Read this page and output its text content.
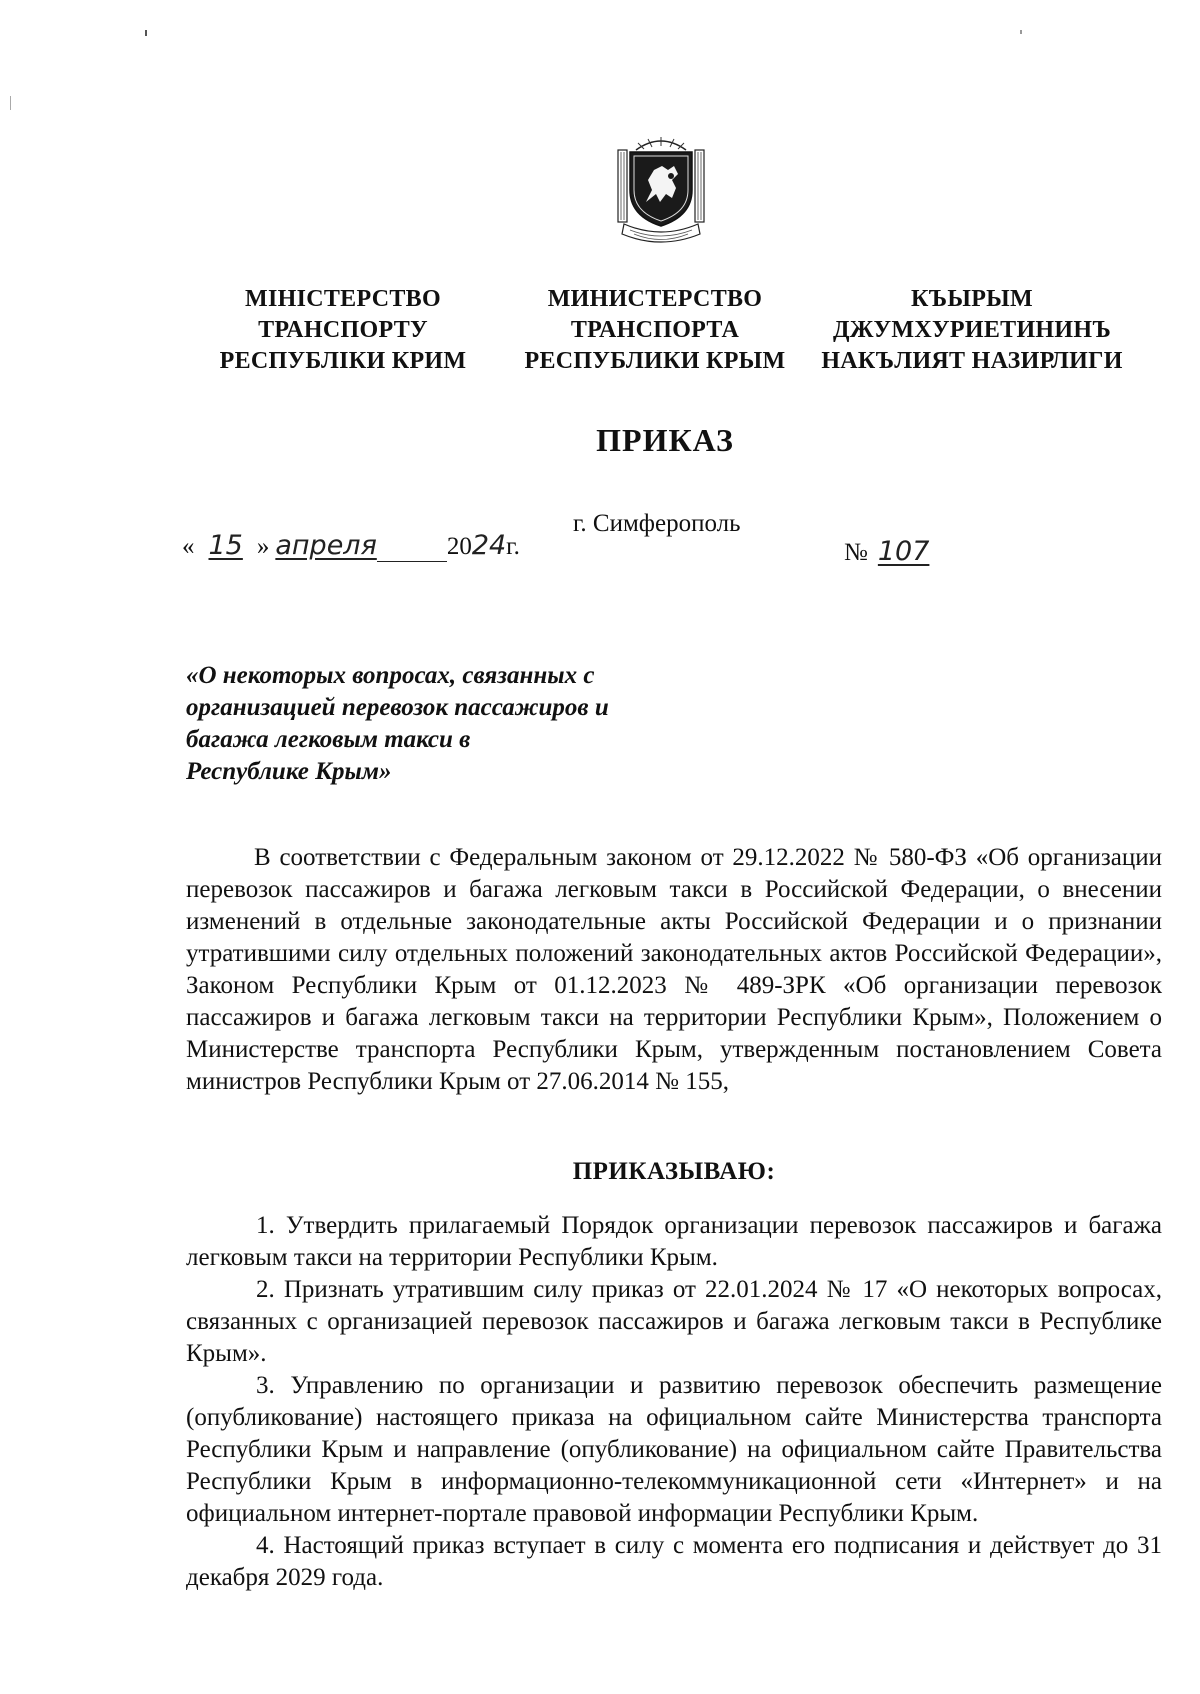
МІНІСТЕРСТВО
ТРАНСПОРТУ
РЕСПУБЛІКИ КРИМ
МИНИСТЕРСТВО
ТРАНСПОРТА
РЕСПУБЛИКИ КРЫМ
КЪЫРЫМ
ДЖУМХУРИЕТИНИНЪ
НАКЪЛИЯТ НАЗИРЛИГИ
ПРИКАЗ
г. Симферополь
« 15 » апреля	2024г.	№ 107
«О некоторых вопросах, связанных с
организацией перевозок пассажиров и
багажа легковым такси в
Республике Крым»

В соответствии с Федеральным законом от 29.12.2022 № 580-ФЗ «Об организации перевозок пассажиров и багажа легковым такси в Российской Федерации, о внесении изменений в отдельные законодательные акты Российской Федерации и о признании утратившими силу отдельных положений законодательных актов Российской Федерации», Законом Республики Крым от 01.12.2023 № 489-ЗРК «Об организации перевозок пассажиров и багажа легковым такси на территории Республики Крым», Положением о Министерстве транспорта Республики Крым, утвержденным постановлением Совета министров Республики Крым от 27.06.2014 № 155,

ПРИКАЗЫВАЮ:

1. Утвердить прилагаемый Порядок организации перевозок пассажиров и багажа легковым такси на территории Республики Крым.

2. Признать утратившим силу приказ от 22.01.2024 № 17 «О некоторых вопросах, связанных с организацией перевозок пассажиров и багажа легковым такси в Республике Крым».

3. Управлению по организации и развитию перевозок обеспечить размещение (опубликование) настоящего приказа на официальном сайте Министерства транспорта Республики Крым и направление (опубликование) на официальном сайте Правительства Республики Крым в информационно-телекоммуникационной сети «Интернет» и на официальном интернет-портале правовой информации Республики Крым.

4. Настоящий приказ вступает в силу с момента его подписания и действует до 31 декабря 2029 года.
